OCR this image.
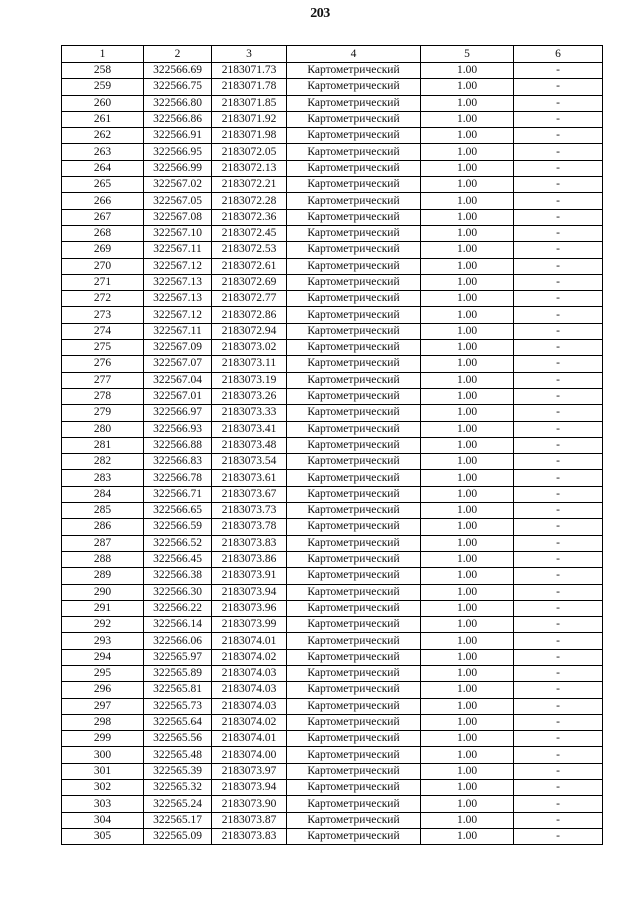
203
1	2	3	4	5	6
258	322566.69	2183071.73	Картометрический	1.00	-
259	322566.75	2183071.78	Картометрический	1.00	-
260	322566.80	2183071.85	Картометрический	1.00	-
261	322566.86	2183071.92	Картометрический	1.00	-
262	322566.91	2183071.98	Картометрический	1.00	-
263	322566.95	2183072.05	Картометрический	1.00	-
264	322566.99	2183072.13	Картометрический	1.00	-
265	322567.02	2183072.21	Картометрический	1.00	-
266	322567.05	2183072.28	Картометрический	1.00	-
267	322567.08	2183072.36	Картометрический	1.00	-
268	322567.10	2183072.45	Картометрический	1.00	-
269	322567.11	2183072.53	Картометрический	1.00	-
270	322567.12	2183072.61	Картометрический	1.00	-
271	322567.13	2183072.69	Картометрический	1.00	-
272	322567.13	2183072.77	Картометрический	1.00	-
273	322567.12	2183072.86	Картометрический	1.00	-
274	322567.11	2183072.94	Картометрический	1.00	-
275	322567.09	2183073.02	Картометрический	1.00	-
276	322567.07	2183073.11	Картометрический	1.00	-
277	322567.04	2183073.19	Картометрический	1.00	-
278	322567.01	2183073.26	Картометрический	1.00	-
279	322566.97	2183073.33	Картометрический	1.00	-
280	322566.93	2183073.41	Картометрический	1.00	-
281	322566.88	2183073.48	Картометрический	1.00	-
282	322566.83	2183073.54	Картометрический	1.00	-
283	322566.78	2183073.61	Картометрический	1.00	-
284	322566.71	2183073.67	Картометрический	1.00	-
285	322566.65	2183073.73	Картометрический	1.00	-
286	322566.59	2183073.78	Картометрический	1.00	-
287	322566.52	2183073.83	Картометрический	1.00	-
288	322566.45	2183073.86	Картометрический	1.00	-
289	322566.38	2183073.91	Картометрический	1.00	-
290	322566.30	2183073.94	Картометрический	1.00	-
291	322566.22	2183073.96	Картометрический	1.00	-
292	322566.14	2183073.99	Картометрический	1.00	-
293	322566.06	2183074.01	Картометрический	1.00	-
294	322565.97	2183074.02	Картометрический	1.00	-
295	322565.89	2183074.03	Картометрический	1.00	-
296	322565.81	2183074.03	Картометрический	1.00	-
297	322565.73	2183074.03	Картометрический	1.00	-
298	322565.64	2183074.02	Картометрический	1.00	-
299	322565.56	2183074.01	Картометрический	1.00	-
300	322565.48	2183074.00	Картометрический	1.00	-
301	322565.39	2183073.97	Картометрический	1.00	-
302	322565.32	2183073.94	Картометрический	1.00	-
303	322565.24	2183073.90	Картометрический	1.00	-
304	322565.17	2183073.87	Картометрический	1.00	-
305	322565.09	2183073.83	Картометрический	1.00	-
